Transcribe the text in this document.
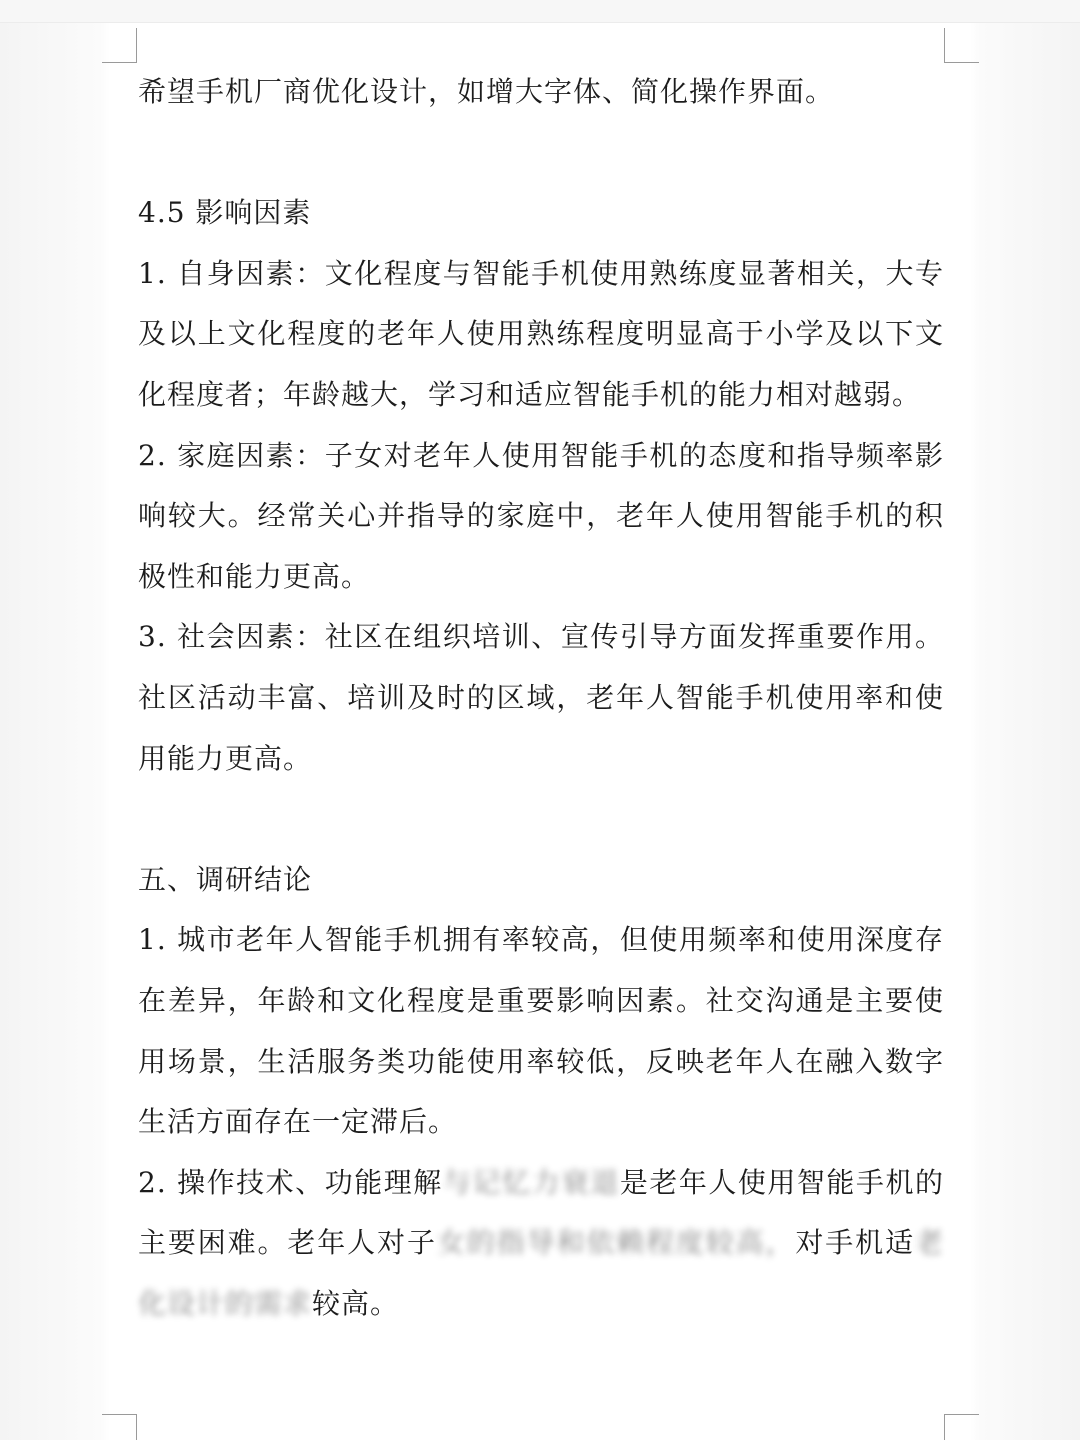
希望手机厂商优化设计，如增大字体、简化操作界面。

4.5 影响因素

1. 自身因素：文化程度与智能手机使用熟练度显著相关，大专及以上文化程度的老年人使用熟练程度明显高于小学及以下文化程度者；年龄越大，学习和适应智能手机的能力相对越弱。

2. 家庭因素：子女对老年人使用智能手机的态度和指导频率影响较大。经常关心并指导的家庭中，老年人使用智能手机的积极性和能力更高。

3. 社会因素：社区在组织培训、宣传引导方面发挥重要作用。社区活动丰富、培训及时的区域，老年人智能手机使用率和使用能力更高。

五、调研结论

1. 城市老年人智能手机拥有率较高，但使用频率和使用深度存在差异，年龄和文化程度是重要影响因素。社交沟通是主要使用场景，生活服务类功能使用率较低，反映老年人在融入数字生活方面存在一定滞后。

2. 操作技术、功能理解与记忆力衰退是老年人使用智能手机的主要困难。老年人对子女的指导和依赖程度较高，对手机适老化设计的需求较高。
